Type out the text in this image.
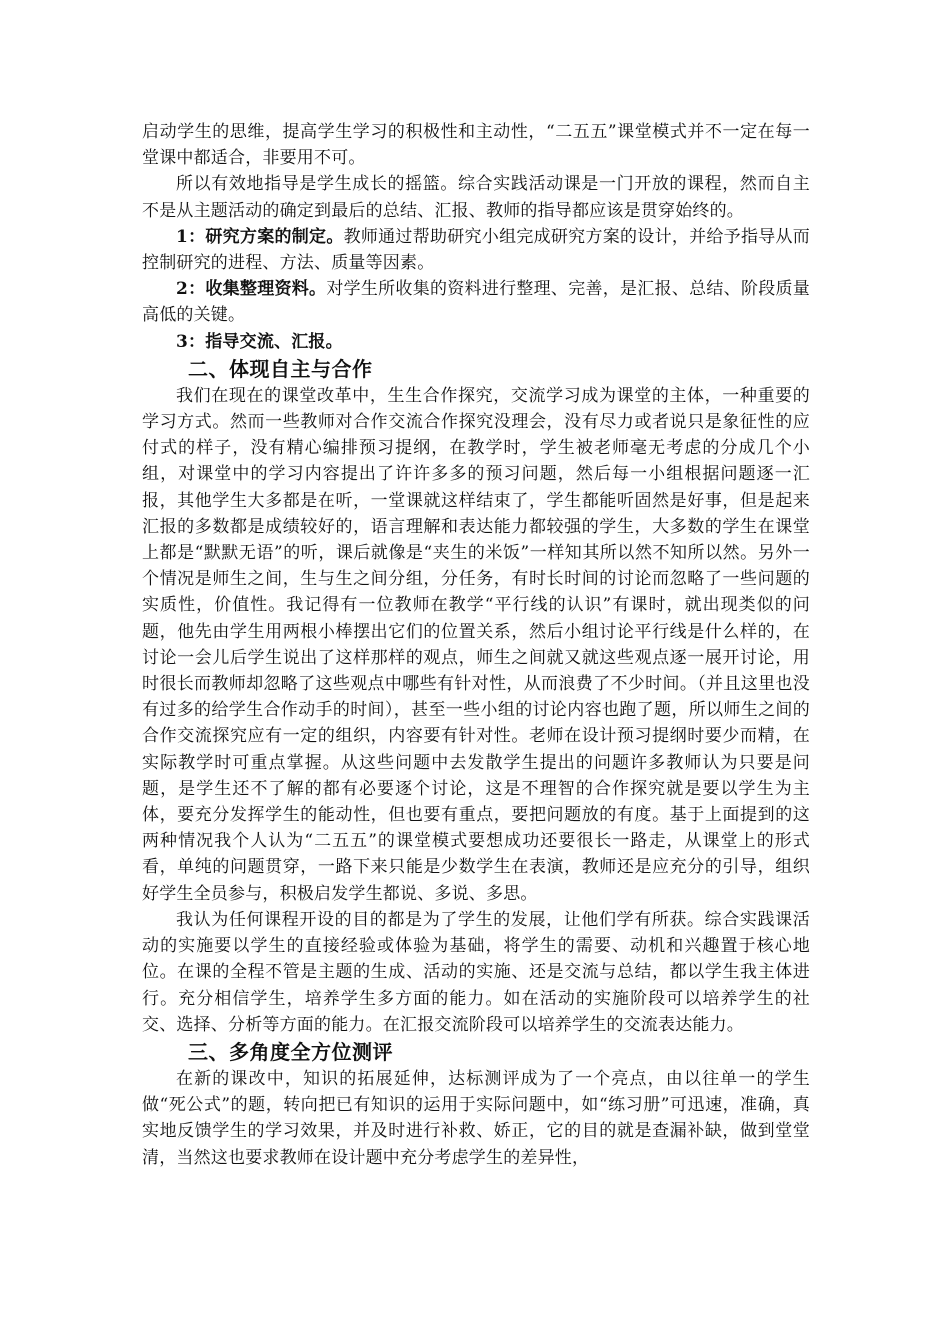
启动学生的思维，提高学生学习的积极性和主动性，“二五五”课堂模式并不一定在每一堂课中都适合，非要用不可。

所以有效地指导是学生成长的摇篮。综合实践活动课是一门开放的课程，然而自主不是从主题活动的确定到最后的总结、汇报、教师的指导都应该是贯穿始终的。

1：研究方案的制定。教师通过帮助研究小组完成研究方案的设计，并给予指导从而控制研究的进程、方法、质量等因素。

2：收集整理资料。对学生所收集的资料进行整理、完善，是汇报、总结、阶段质量高低的关键。

3：指导交流、汇报。

二、体现自主与合作

我们在现在的课堂改革中，生生合作探究，交流学习成为课堂的主体，一种重要的学习方式。然而一些教师对合作交流合作探究没理会，没有尽力或者说只是象征性的应付式的样子，没有精心编排预习提纲，在教学时，学生被老师毫无考虑的分成几个小组，对课堂中的学习内容提出了许许多多的预习问题，然后每一小组根据问题逐一汇报，其他学生大多都是在听，一堂课就这样结束了，学生都能听固然是好事，但是起来汇报的多数都是成绩较好的，语言理解和表达能力都较强的学生，大多数的学生在课堂上都是“默默无语”的听，课后就像是“夹生的米饭”一样知其所以然不知所以然。另外一个情况是师生之间，生与生之间分组，分任务，有时长时间的讨论而忽略了一些问题的实质性，价值性。我记得有一位教师在教学“平行线的认识”有课时，就出现类似的问题，他先由学生用两根小棒摆出它们的位置关系，然后小组讨论平行线是什么样的，在讨论一会儿后学生说出了这样那样的观点，师生之间就又就这些观点逐一展开讨论，用时很长而教师却忽略了这些观点中哪些有针对性，从而浪费了不少时间。（并且这里也没有过多的给学生合作动手的时间），甚至一些小组的讨论内容也跑了题，所以师生之间的合作交流探究应有一定的组织，内容要有针对性。老师在设计预习提纲时要少而精，在实际教学时可重点掌握。从这些问题中去发散学生提出的问题许多教师认为只要是问题，是学生还不了解的都有必要逐个讨论，这是不理智的合作探究就是要以学生为主体，要充分发挥学生的能动性，但也要有重点，要把问题放的有度。基于上面提到的这两种情况我个人认为“二五五”的课堂模式要想成功还要很长一路走，从课堂上的形式看，单纯的问题贯穿，一路下来只能是少数学生在表演，教师还是应充分的引导，组织好学生全员参与，积极启发学生都说、多说、多思。

我认为任何课程开设的目的都是为了学生的发展，让他们学有所获。综合实践课活动的实施要以学生的直接经验或体验为基础，将学生的需要、动机和兴趣置于核心地位。在课的全程不管是主题的生成、活动的实施、还是交流与总结，都以学生我主体进行。充分相信学生，培养学生多方面的能力。如在活动的实施阶段可以培养学生的社交、选择、分析等方面的能力。在汇报交流阶段可以培养学生的交流表达能力。

三、多角度全方位测评

在新的课改中，知识的拓展延伸，达标测评成为了一个亮点，由以往单一的学生做“死公式”的题，转向把已有知识的运用于实际问题中，如“练习册”可迅速，准确，真实地反馈学生的学习效果，并及时进行补救、娇正，它的目的就是查漏补缺，做到堂堂清，当然这也要求教师在设计题中充分考虑学生的差异性，
